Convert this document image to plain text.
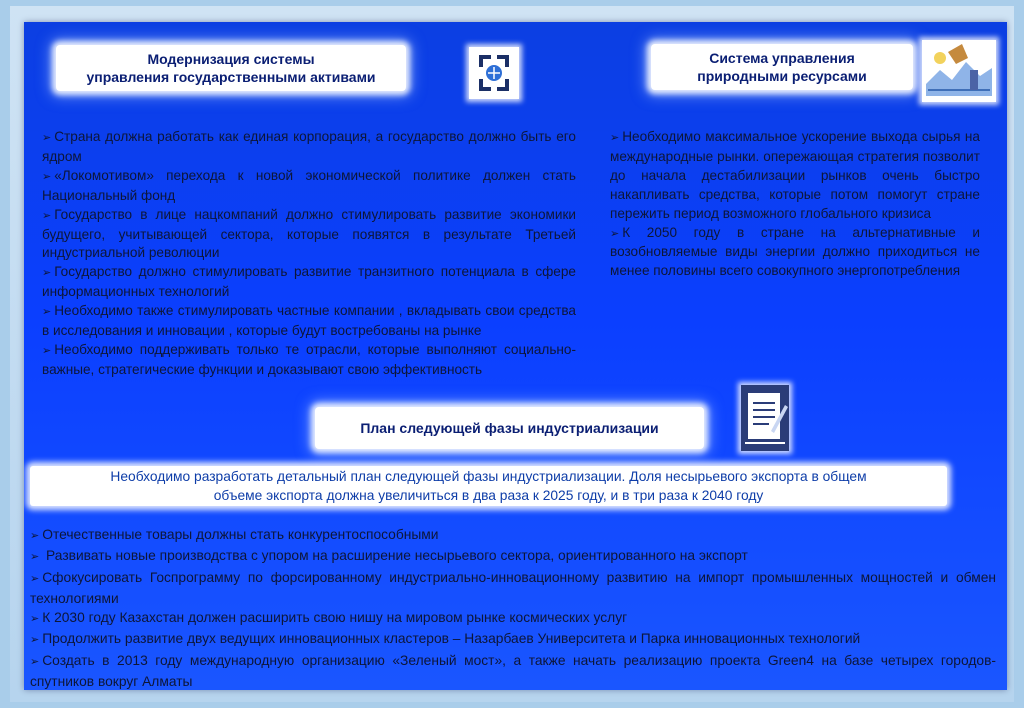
Модернизация системы
управления государственными активами
Система управления
природными ресурсами

➢ Страна должна работать как единая корпорация, а государство должно быть его ядром

➢ «Локомотивом» перехода к новой экономической политике должен стать Национальный фонд

➢ Государство в лице нацкомпаний должно стимулировать развитие экономики будущего, учитывающей сектора, которые появятся в результате Третьей индустриальной революции

➢ Государство должно стимулировать развитие транзитного потенциала в сфере информационных технологий

➢ Необходимо также стимулировать частные компании , вкладывать свои средства в исследования и инновации , которые будут востребованы на рынке

➢ Необходимо поддерживать только те отрасли, которые выполняют социально-важные, стратегические функции и доказывают свою эффективность

➢ Необходимо максимальное ускорение выхода сырья на международные рынки. опережающая стратегия позволит до начала дестабилизации рынков очень быстро накапливать средства, которые потом помогут стране пережить период возможного глобального кризиса

➢ К 2050 году в стране на альтернативные и возобновляемые виды энергии должно приходиться не менее половины всего совокупного энергопотребления

План следующей фазы индустриализации
Необходимо разработать детальный план следующей фазы индустриализации. Доля несырьевого экспорта в общем
объеме экспорта должна увеличиться в два раза к 2025 году, и в три раза к 2040 году

➢ Отечественные товары должны стать конкурентоспособными

➢ Развивать новые производства с упором на расширение несырьевого сектора, ориентированного на экспорт

➢ Сфокусировать Госпрограмму по форсированному индустриально-инновационному развитию на импорт промышленных мощностей и обмен технологиями

➢ К 2030 году Казахстан должен расширить свою нишу на мировом рынке космических услуг

➢ Продолжить развитие двух ведущих инновационных кластеров – Назарбаев Университета и Парка инновационных технологий

➢ Создать в 2013 году международную организацию «Зеленый мост», а также начать реализацию проекта Green4 на базе четырех городов-спутников вокруг Алматы
